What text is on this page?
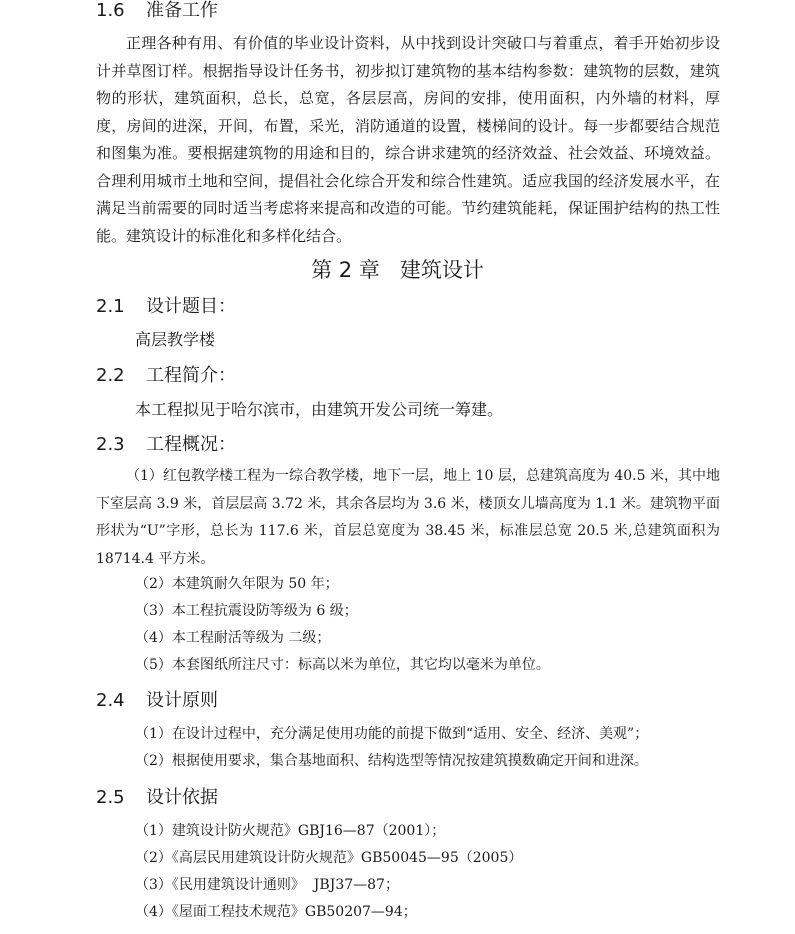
1.6 准备工作
正理各种有用、有价值的毕业设计资料，从中找到设计突破口与着重点，着手开始初步设计并草图订样。根据指导设计任务书，初步拟订建筑物的基本结构参数：建筑物的层数，建筑物的形状，建筑面积，总长，总宽，各层层高，房间的安排，使用面积，内外墙的材料，厚度，房间的进深，开间，布置，采光，消防通道的设置，楼梯间的设计。每一步都要结合规范和图集为准。要根据建筑物的用途和目的，综合讲求建筑的经济效益、社会效益、环境效益。合理利用城市土地和空间，提倡社会化综合开发和综合性建筑。适应我国的经济发展水平，在满足当前需要的同时适当考虑将来提高和改造的可能。节约建筑能耗，保证围护结构的热工性能。建筑设计的标准化和多样化结合。
第 2 章 建筑设计
2.1 设计题目：
高层教学楼
2.2 工程简介：
本工程拟见于哈尔滨市，由建筑开发公司统一筹建。
2.3 工程概况：
（1）红包教学楼工程为一综合教学楼，地下一层，地上 10 层，总建筑高度为 40.5 米，其中地下室层高 3.9 米，首层层高 3.72 米，其余各层均为 3.6 米，楼顶女儿墙高度为 1.1 米。建筑物平面形状为“U”字形，总长为 117.6 米，首层总宽度为 38.45 米，标准层总宽 20.5 米,总建筑面积为 18714.4 平方米。
（2）本建筑耐久年限为 50 年；
（3）本工程抗震设防等级为 6 级；
（4）本工程耐活等级为 二级；
（5）本套图纸所注尺寸：标高以米为单位，其它均以毫米为单位。
2.4 设计原则
（1）在设计过程中，充分满足使用功能的前提下做到“适用、安全、经济、美观”；
（2）根据使用要求，集合基地面积、结构选型等情况按建筑摸数确定开间和进深。
2.5 设计依据
（1）建筑设计防火规范》GBJ16—87（2001）；
（2）《高层民用建筑设计防火规范》GB50045—95（2005）
（3）《民用建筑设计通则》  JBJ37—87；
（4）《屋面工程技术规范》GB50207—94；
